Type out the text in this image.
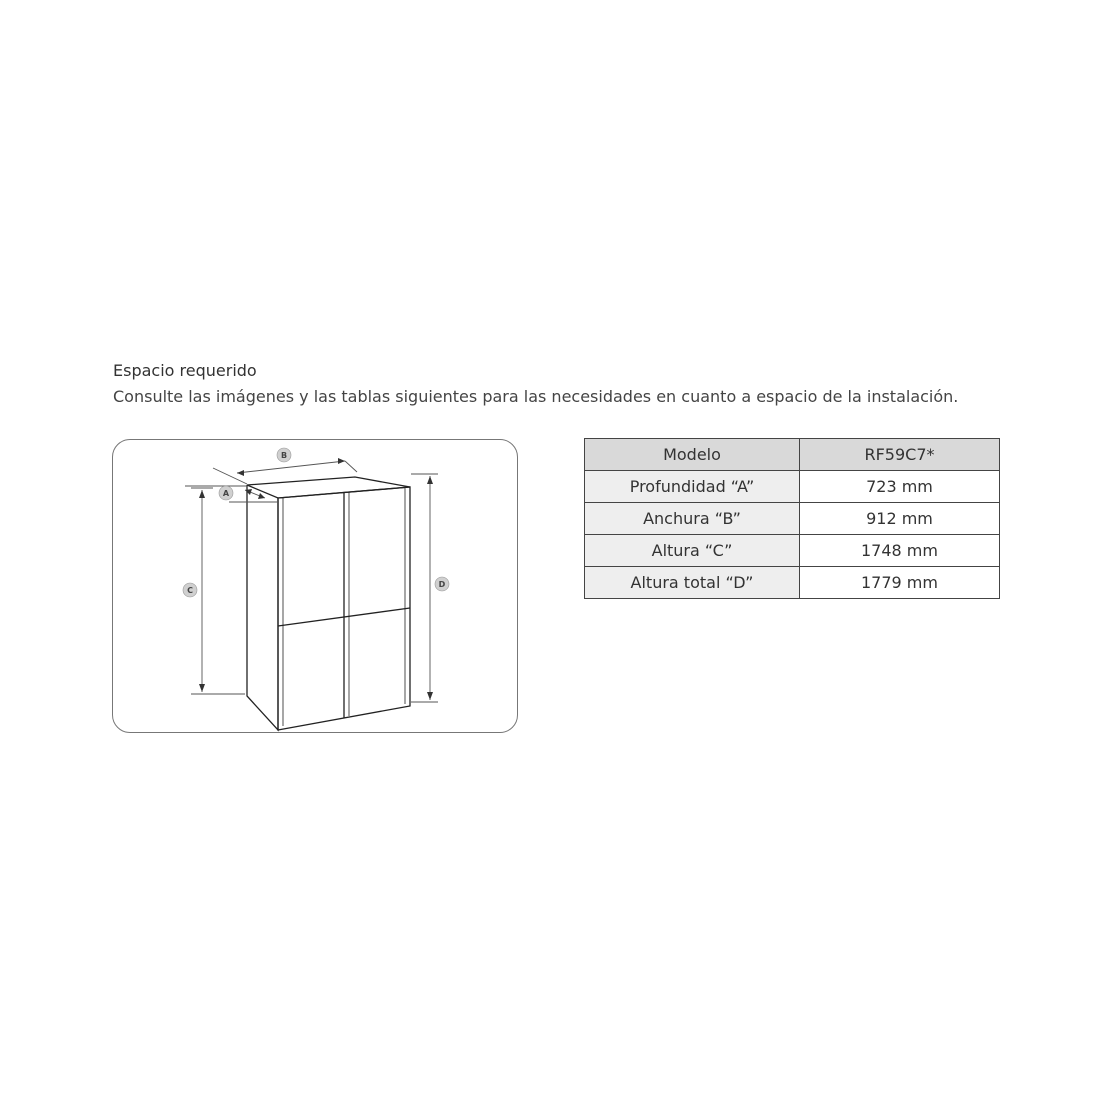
Espacio requerido
Consulte las imágenes y las tablas siguientes para las necesidades en cuanto a espacio de la instalación.
B
A
C
D
Modelo	RF59C7*
Profundidad “A”	723 mm
Anchura “B”	912 mm
Altura “C”	1748 mm
Altura total “D”	1779 mm
